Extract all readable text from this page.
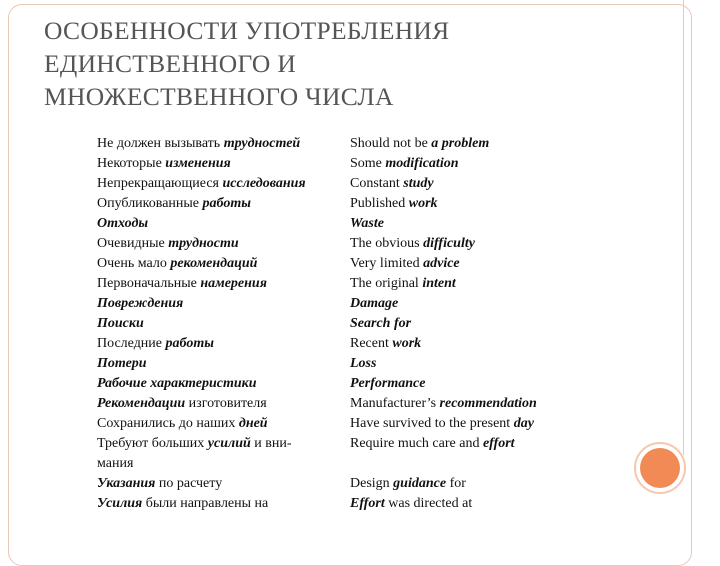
ОСОБЕННОСТИ УПОТРЕБЛЕНИЯ
ЕДИНСТВЕННОГО И
МНОЖЕСТВЕННОГО ЧИСЛА
Не должен вызывать трудностей	Should not be a problem
Некоторые изменения	Some modification
Непрекращающиеся исследования	Constant study
Опубликованные работы	Published work
Отходы	Waste
Очевидные трудности	The obvious difficulty
Очень мало рекомендаций	Very limited advice
Первоначальные намерения	The original intent
Повреждения	Damage
Поиски	Search for
Последние работы	Recent work
Потери	Loss
Рабочие характеристики	Performance
Рекомендации изготовителя	Manufacturer’s recommendation
Сохранились до наших дней	Have survived to the present day
Требуют больших усилий и вни-	Require much care and effort
мания
Указания по расчету	Design guidance for
Усилия были направлены на	Effort was directed at
